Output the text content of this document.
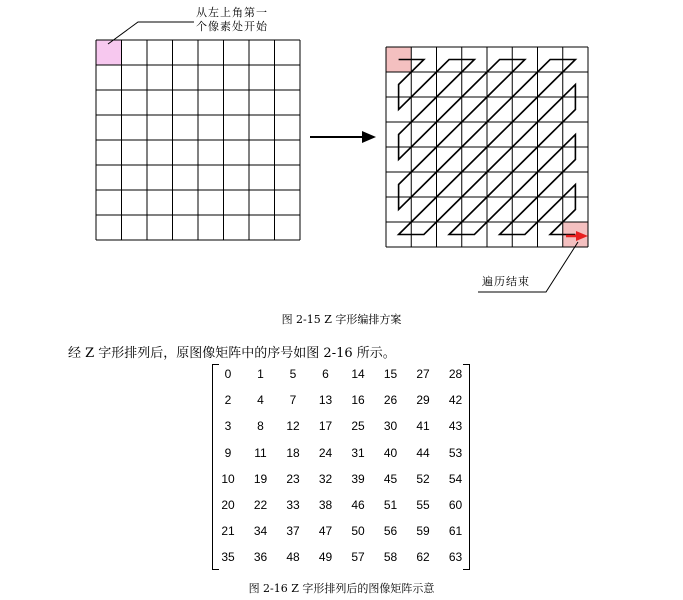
从左上角第一
个像素处开始
遍历结束
图 2-15 Z 字形编排方案
经 Z 字形排列后，原图像矩阵中的序号如图 2-16 所示。
0	1	5	6	14	15	27	28
2	4	7	13	16	26	29	42
3	8	12	17	25	30	41	43
9	11	18	24	31	40	44	53
10	19	23	32	39	45	52	54
20	22	33	38	46	51	55	60
21	34	37	47	50	56	59	61
35	36	48	49	57	58	62	63
图 2-16 Z 字形排列后的图像矩阵示意
